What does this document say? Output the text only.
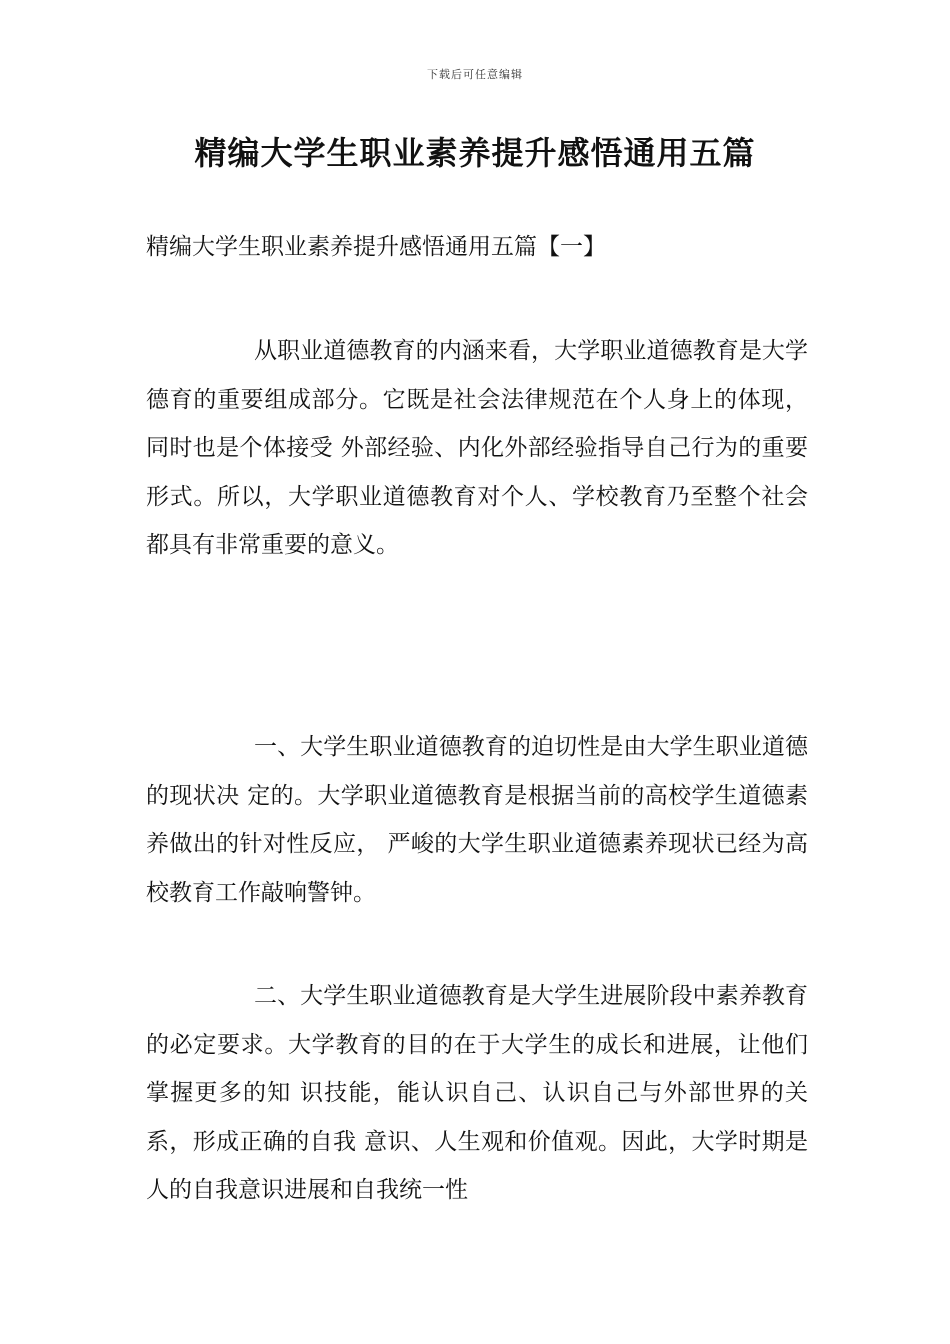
下载后可任意编辑
精编大学生职业素养提升感悟通用五篇

精编大学生职业素养提升感悟通用五篇【一】

从职业道德教育的内涵来看，大学职业道德教育是大学德育的重要组成部分。它既是社会法律规范在个人身上的体现，同时也是个体接受 外部经验、内化外部经验指导自己行为的重要形式。所以，大学职业道德教育对个人、学校教育乃至整个社会都具有非常重要的意义。

一、大学生职业道德教育的迫切性是由大学生职业道德的现状决 定的。大学职业道德教育是根据当前的高校学生道德素养做出的针对性反应， 严峻的大学生职业道德素养现状已经为高校教育工作敲响警钟。

二、大学生职业道德教育是大学生进展阶段中素养教育的必定要求。大学教育的目的在于大学生的成长和进展，让他们掌握更多的知 识技能，能认识自己、认识自己与外部世界的关系，形成正确的自我 意识、人生观和价值观。因此，大学时期是人的自我意识进展和自我统一性
